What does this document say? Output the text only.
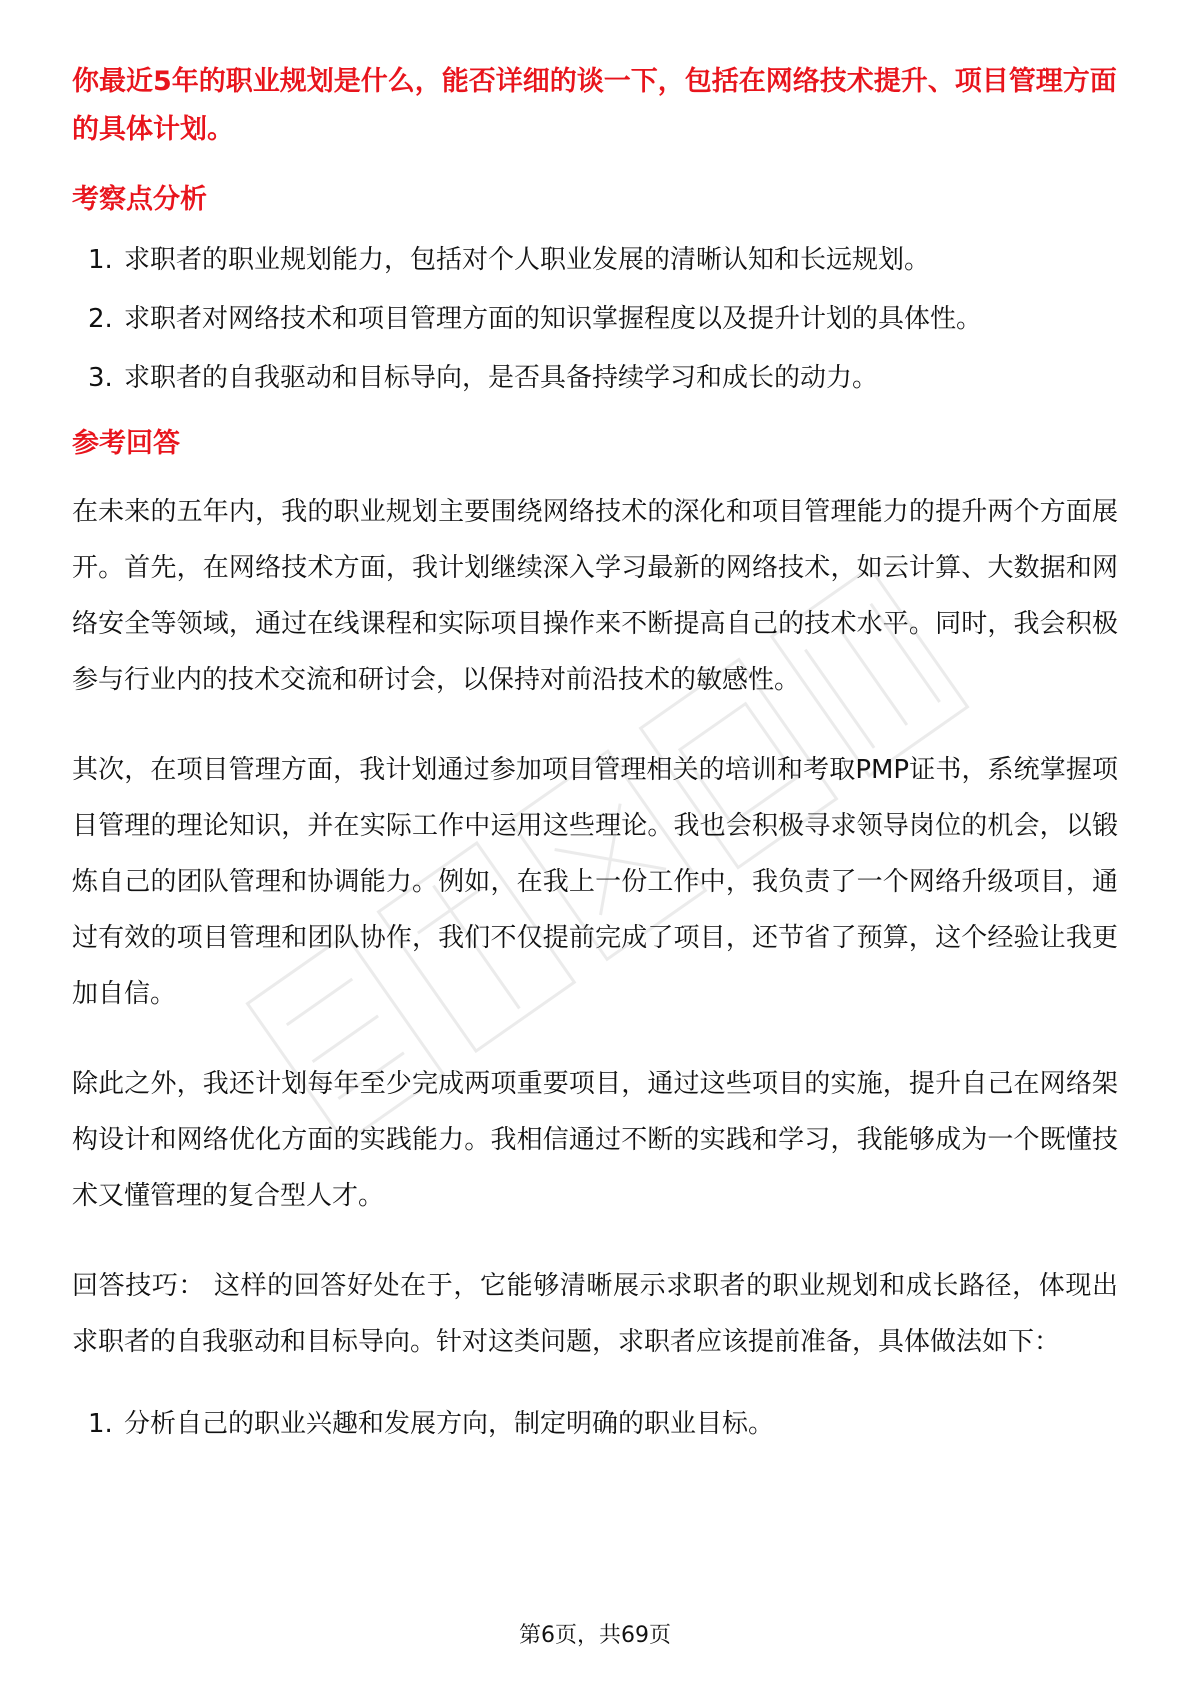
你最近5年的职业规划是什么，能否详细的谈一下，包括在网络技术提升、项目管理方面的具体计划。

考察点分析
1. 求职者的职业规划能力，包括对个人职业发展的清晰认知和长远规划。
2. 求职者对网络技术和项目管理方面的知识掌握程度以及提升计划的具体性。
3. 求职者的自我驱动和目标导向，是否具备持续学习和成长的动力。
参考回答

在未来的五年内，我的职业规划主要围绕网络技术的深化和项目管理能力的提升两个方面展开。首先，在网络技术方面，我计划继续深入学习最新的网络技术，如云计算、大数据和网络安全等领域，通过在线课程和实际项目操作来不断提高自己的技术水平。同时，我会积极参与行业内的技术交流和研讨会，以保持对前沿技术的敏感性。

其次，在项目管理方面，我计划通过参加项目管理相关的培训和考取PMP证书，系统掌握项目管理的理论知识，并在实际工作中运用这些理论。我也会积极寻求领导岗位的机会，以锻炼自己的团队管理和协调能力。例如，在我上一份工作中，我负责了一个网络升级项目，通过有效的项目管理和团队协作，我们不仅提前完成了项目，还节省了预算，这个经验让我更加自信。

除此之外，我还计划每年至少完成两项重要项目，通过这些项目的实施，提升自己在网络架构设计和网络优化方面的实践能力。我相信通过不断的实践和学习，我能够成为一个既懂技术又懂管理的复合型人才。

回答技巧： 这样的回答好处在于，它能够清晰展示求职者的职业规划和成长路径，体现出求职者的自我驱动和目标导向。针对这类问题，求职者应该提前准备，具体做法如下：

1. 分析自己的职业兴趣和发展方向，制定明确的职业目标。
第6页，共69页
